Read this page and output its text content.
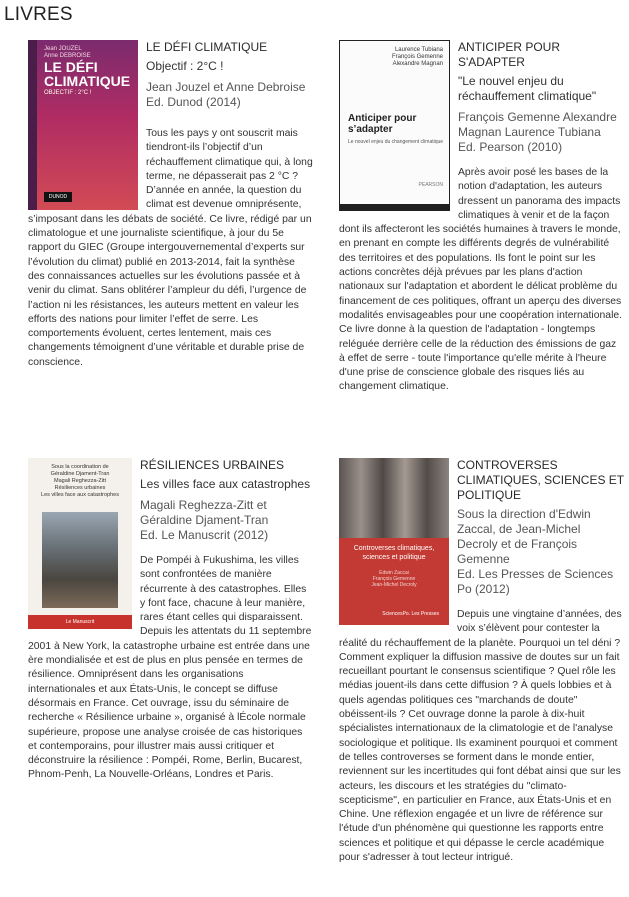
LIVRES
Jean JOUZEL
Anne DEBROISE
LE DÉFI CLIMATIQUE
OBJECTIF : 2°C !
DUNOD
LE DÉFI CLIMATIQUE
Objectif : 2°C !
Jean Jouzel et Anne Debroise
Ed. Dunod (2014)
Tous les pays y ont souscrit mais tiendront-ils l’objectif d’un réchauffement climatique qui, à long terme, ne dépasserait pas 2 °C ?
D’année en année, la question du climat est devenue omniprésente, s’imposant dans les débats de société. Ce livre, rédigé par un climatologue et une journaliste scientifique, à jour du 5e rapport du GIEC (Groupe intergouvernemental d’experts sur l’évolution du climat) publié en 2013-2014, fait la synthèse des connaissances actuelles sur les évolutions passée et à venir du climat. Sans oblitérer l’ampleur du défi, l’urgence de l’action ni les résistances, les auteurs mettent en valeur les efforts des nations pour limiter l’effet de serre. Les comportements évoluent, certes lentement, mais ces changements témoignent d’une véritable et durable prise de conscience.
Laurence Tubiana
François Gemenne
Alexandre Magnan
Anticiper pour s’adapter
Le nouvel enjeu du changement climatique
PEARSON
ANTICIPER POUR S'ADAPTER
"Le nouvel enjeu du réchauffement climatique"
François Gemenne Alexandre Magnan Laurence Tubiana
Ed. Pearson (2010)
Après avoir posé les bases de la notion d'adaptation, les auteurs dressent un panorama des impacts climatiques à venir et de la façon dont ils affecteront les sociétés humaines à travers le monde, en prenant en compte les différents degrés de vulnérabilité des territoires et des populations. Ils font le point sur les actions concrètes déjà prévues par les plans d'action nationaux sur l'adaptation et abordent le délicat problème du financement de ces politiques, offrant un aperçu des diverses modalités envisageables pour une coopération internationale.
Ce livre donne à la question de l'adaptation - longtemps reléguée derrière celle de la réduction des émissions de gaz à effet de serre - toute l'importance qu'elle mérite à l'heure d'une prise de conscience globale des risques liés au changement climatique.
Sous la coordination de
Géraldine Djament-Tran
Magali Reghezza-Zitt
Résiliences urbaines
Les villes face aux catastrophes
Le Manuscrit
RÉSILIENCES URBAINES
Les villes face aux catastrophes
Magali Reghezza-Zitt et Géraldine Djament-Tran
Ed. Le Manuscrit (2012)
De Pompéi à Fukushima, les villes sont confrontées de manière récurrente à des catastrophes. Elles y font face, chacune à leur manière, rares étant celles qui disparaissent. Depuis les attentats du 11 septembre 2001 à New York, la catastrophe urbaine est entrée dans une ère mondialisée et est de plus en plus pensée en termes de résilience. Omniprésent dans les organisations internationales et aux États-Unis, le concept se diffuse désormais en France. Cet ouvrage, issu du séminaire de recherche « Résilience urbaine », organisé à lÉcole normale supérieure, propose une analyse croisée de cas historiques et contemporains, pour illustrer mais aussi critiquer et déconstruire la résilience : Pompéi, Rome, Berlin, Bucarest, Phnom-Penh, La Nouvelle-Orléans, Londres et Paris.
Controverses climatiques, sciences et politique
Edwin Zaccai
François Gemenne
Jean-Michel Decroly
SciencesPo. Les Presses
CONTROVERSES CLIMATIQUES, SCIENCES ET POLITIQUE
Sous la direction d'Edwin Zaccal, de Jean-Michel Decroly et de François Gemenne
Ed. Les Presses de Sciences Po (2012)
Depuis une vingtaine d’années, des voix s’élèvent pour contester la réalité du réchauffement de la planète. Pourquoi un tel déni ? Comment expliquer la diffusion massive de doutes sur un fait recueillant pourtant le consensus scientifique ? Quel rôle les médias jouent-ils dans cette diffusion ? À quels lobbies et à quels agendas politiques ces "marchands de doute" obéissent-ils ? Cet ouvrage donne la parole à dix-huit spécialistes internationaux de la climatologie et de l'analyse sociologique et politique. Ils examinent pourquoi et comment de telles controverses se forment dans le monde entier, reviennent sur les incertitudes qui font débat ainsi que sur les acteurs, les discours et les stratégies du "climato-scepticisme", en particulier en France, aux États-Unis et en Chine. Une réflexion engagée et un livre de référence sur l'étude d'un phénomène qui questionne les rapports entre sciences et politique et qui dépasse le cercle académique pour s'adresser à tout lecteur intrigué.
